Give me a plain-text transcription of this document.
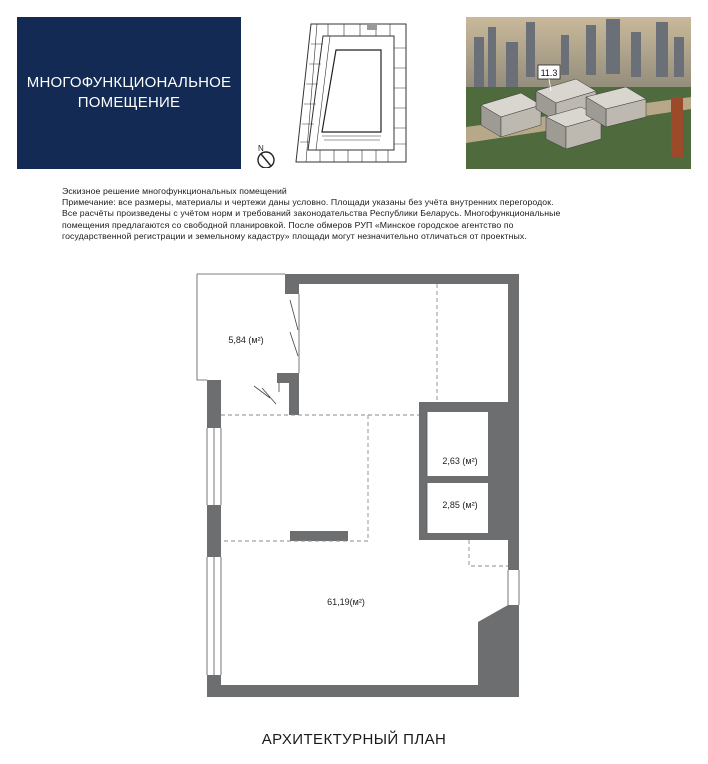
МНОГОФУНКЦИОНАЛЬНОЕ
ПОМЕЩЕНИЕ
N
11.3
Эскизное решение многофункциональных помещений
Примечание: все размеры, материалы и чертежи даны условно. Площади указаны без учёта внутренних перегородок.
Все расчёты произведены с учётом норм и требований законодательства Республики Беларусь. Многофункциональные
помещения предлагаются со свободной планировкой. После обмеров РУП «Минское городское агентство по
государственной регистрации и земельному кадастру» площади могут незначительно отличаться от проектных.
5,84 (м²)
2,63 (м²)
2,85 (м²)
61,19(м²)
АРХИТЕКТУРНЫЙ ПЛАН
